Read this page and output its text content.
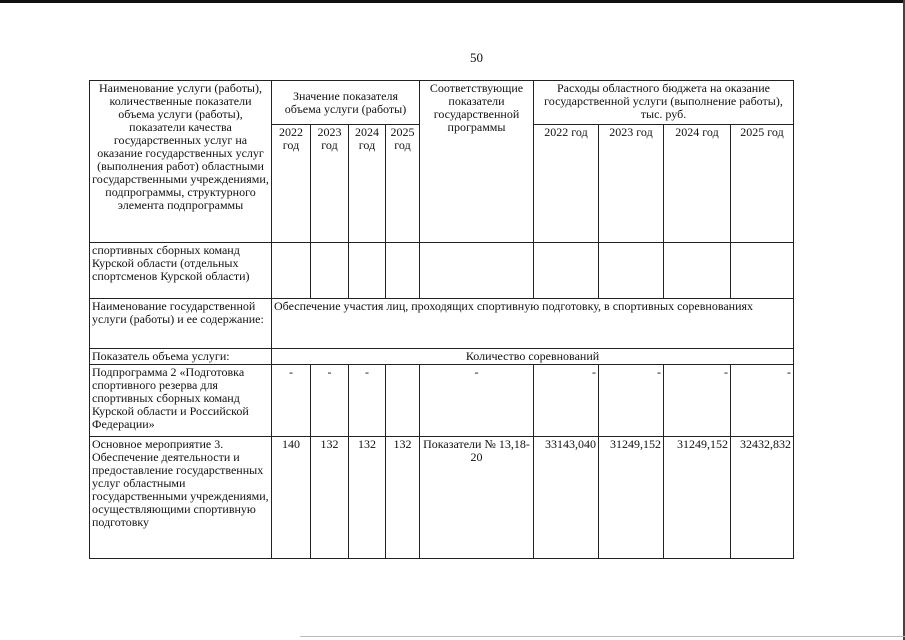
50
Наименование услуги (работы), количественные показатели объема услуги (работы), показатели качества государственных услуг на оказание государственных услуг (выполнения работ) областными государственными учреждениями, подпрограммы, структурного элемента подпрограммы	Значение показателя объема услуги (работы)				Соответствующие показатели государственной программы	Расходы областного бюджета на оказание государственной услуги (выполнение работы), тыс. руб.			
	2022 год	2023 год	2024 год	2025 год		2022 год	2023 год	2024 год	2025 год
спортивных сборных команд Курской области (отдельных спортсменов Курской области)									
Наименование государственной услуги (работы) и ее содержание:	Обеспечение участия лиц, проходящих спортивную подготовку, в спортивных соревнованиях								
Показатель объема услуги:	Количество соревнований								
Подпрограмма 2 «Подготовка спортивного резерва для спортивных сборных команд Курской области и Российской Федерации»	-	-	-		-	-	-	-	-
Основное мероприятие 3. Обеспечение деятельности и предоставление государственных услуг областными государственными учреждениями, осуществляющими спортивную подготовку	140	132	132	132	Показатели № 13,18-20	33143,040	31249,152	31249,152	32432,832
